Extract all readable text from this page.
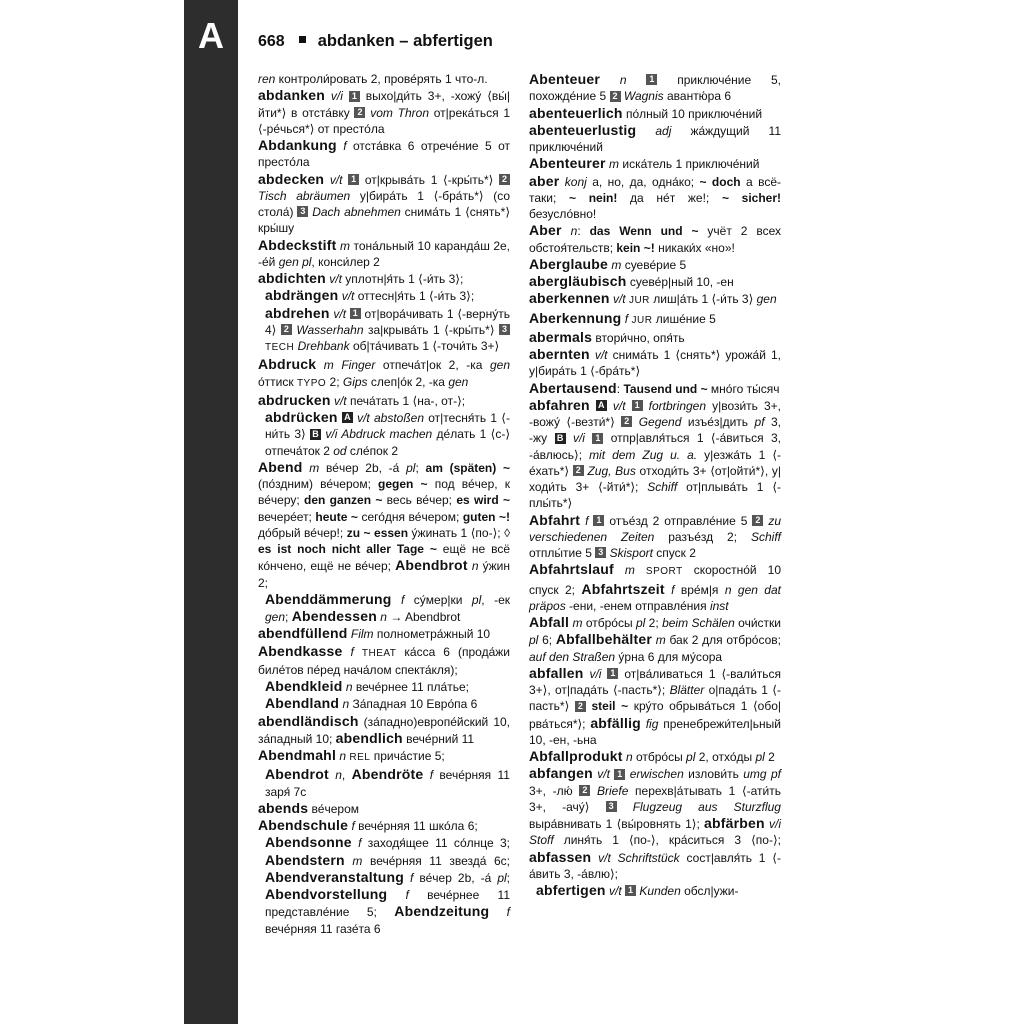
A	668 abdanken – abfertigen

ren контроли́ровать 2, прове́рять 1 что-л.

abdanken v/i 1 выхо|ди́ть 3+, -хожу́ ⟨вы́|йти*⟩ в отста́вку 2 vom Thron от|река́ться 1 ⟨-ре́чься*⟩ от престо́ла

Abdankung f отста́вка 6 отрече́ние 5 от престо́ла

abdecken v/t 1 от|крыва́ть 1 ⟨-кры́ть*⟩ 2 Tisch abräumen у|бира́ть 1 ⟨-бра́ть*⟩ (со стола́) 3 Dach abnehmen снима́ть 1 ⟨снять*⟩ кры́шу

Abdeckstift m тона́льный 10 каранда́ш 2e, -е́й gen pl, конси́лер 2

abdichten v/t уплотн|я́ть 1 ⟨-и́ть 3⟩;

abdrängen v/t оттесн|я́ть 1 ⟨-и́ть 3⟩;

abdrehen v/t 1 от|вора́чивать 1 ⟨-верну́ть 4⟩ 2 Wasserhahn за|крыва́ть 1 ⟨-кры́ть*⟩ 3 TECH Drehbank об|та́чивать 1 ⟨-точи́ть 3+⟩

Abdruck m Finger отпеча́т|ок 2, -ка gen о́ттиск TYPO 2; Gips слеп|о́к 2, -ка gen

abdrucken v/t печа́тать 1 ⟨на-, от-⟩;

abdrücken A v/t abstoßen от|тесня́ть 1 ⟨-ни́ть 3⟩ B v/i Abdruck machen де́лать 1 ⟨с-⟩ отпеча́ток 2 od сле́пок 2

Abend m ве́чер 2b, -а́ pl; am (späten) ~ (по́здним) ве́чером; gegen ~ под ве́чер, к ве́черу; den ganzen ~ весь ве́чер; es wird ~ вечере́ет; heute ~ сего́дня ве́чером; guten ~! до́брый ве́чер!; zu ~ essen у́жинать 1 ⟨по-⟩; ◊ es ist noch nicht aller Tage ~ ещё не всё ко́нчено, ещё не ве́чер; Abendbrot n у́жин 2;

Abenddämmerung f су́мер|ки pl, -ек gen; Abendessen n → Abendbrot

abendfüllend Film полнометра́жный 10

Abendkasse f THEAT ка́сса 6 (прода́жи биле́тов пе́ред нача́лом спекта́кля);

Abendkleid n вече́рнее 11 пла́тье;

Abendland n За́падная 10 Евро́па 6

abendländisch (за́падно)европе́йский 10, за́падный 10; abendlich вече́рний 11

Abendmahl n REL прича́стие 5;

Abendrot n, Abendröte f вече́рняя 11 заря́ 7c

abends ве́чером

Abendschule f вече́рняя 11 шко́ла 6;

Abendsonne f заходя́щее 11 со́лнце 3; Abendstern m вече́рняя 11 звезда́ 6c; Abendveranstaltung f ве́чер 2b, -а́ pl; Abendvorstellung f вече́рнее 11 представле́ние 5; Abendzeitung f вече́рняя 11 газе́та 6

Abenteuer n	1 приключе́ние 5, похожде́ние 5 2 Wagnis авантю́ра 6

abenteuerlich по́лный 10 приключе́ний

abenteuerlustig adj жа́ждущий 11 приключе́ний

Abenteurer m иска́тель 1 приключе́ний

aber konj а, но, да, одна́ко; ~ doch а всё-таки; ~ nein! да не́т же!; ~ sicher! безусло́вно!

Aber n: das Wenn und ~ учёт 2 всех обстоя́тельств; kein ~! никаки́х «но»!

Aberglaube m суеве́рие 5

abergläubisch суеве́р|ный 10, -ен

aberkennen v/t JUR лиш|а́ть 1 ⟨-и́ть 3⟩ gen

Aberkennung f JUR лише́ние 5

abermals втори́чно, опя́ть

abernten v/t снима́ть 1 ⟨снять*⟩ урожа́й 1, у|бира́ть 1 ⟨-бра́ть*⟩

Abertausend: Tausend und ~ мно́го ты́сяч

abfahren A v/t 1 fortbringen у|вози́ть 3+, -вожу́ ⟨-везти́*⟩ 2 Gegend изъе́з|дить pf 3, -жу B v/i 1 отпр|авля́ться 1 ⟨-а́виться 3, -а́влюсь⟩; mit dem Zug u. a. у|езжа́ть 1 ⟨-е́хать*⟩ 2 Zug, Bus отходи́ть 3+ ⟨от|ойти́*⟩, у|ходи́ть 3+ ⟨-йти́*⟩; Schiff от|плыва́ть 1 ⟨-плы́ть*⟩

Abfahrt f 1 отъе́зд 2 отправле́ние 5 2 zu verschiedenen Zeiten разъе́зд 2; Schiff отплы́тие 5 3 Skisport спуск 2

Abfahrtslauf m SPORT скоростно́й 10 спуск 2; Abfahrtszeit f вре́м|я n gen dat präpos -ени, -енем отправле́ния inst

Abfall m отбро́сы pl 2; beim Schälen очи́стки pl 6; Abfallbehälter m бак 2 для отбро́сов; auf den Straßen у́рна 6 для му́сора

abfallen v/i 1 от|ва́ливаться 1 ⟨-вали́ться 3+⟩, от|пада́ть ⟨-пасть*⟩; Blätter о|пада́ть 1 ⟨-пасть*⟩ 2 steil ~ кру́то обрыва́ться 1 ⟨обо|рва́ться*⟩; abfällig fig пренебрежи́тел|ьный 10, -ен, -ьна

Abfallprodukt n отбро́сы pl 2, отхо́ды pl 2

abfangen v/t 1 erwischen излови́ть umg pf 3+, -лю́ 2 Briefe перехв|а́тывать 1 ⟨-ати́ть 3+, -ачу́⟩ 3 Flugzeug aus Sturzflug выра́внивать 1 ⟨вы́ровнять 1⟩; abfärben v/i Stoff линя́ть 1 ⟨по-⟩, кра́ситься 3 ⟨по-⟩; abfassen v/t Schriftstück сост|авля́ть 1 ⟨-а́вить 3, -а́влю⟩;

abfertigen v/t 1 Kunden обсл|ужи-
